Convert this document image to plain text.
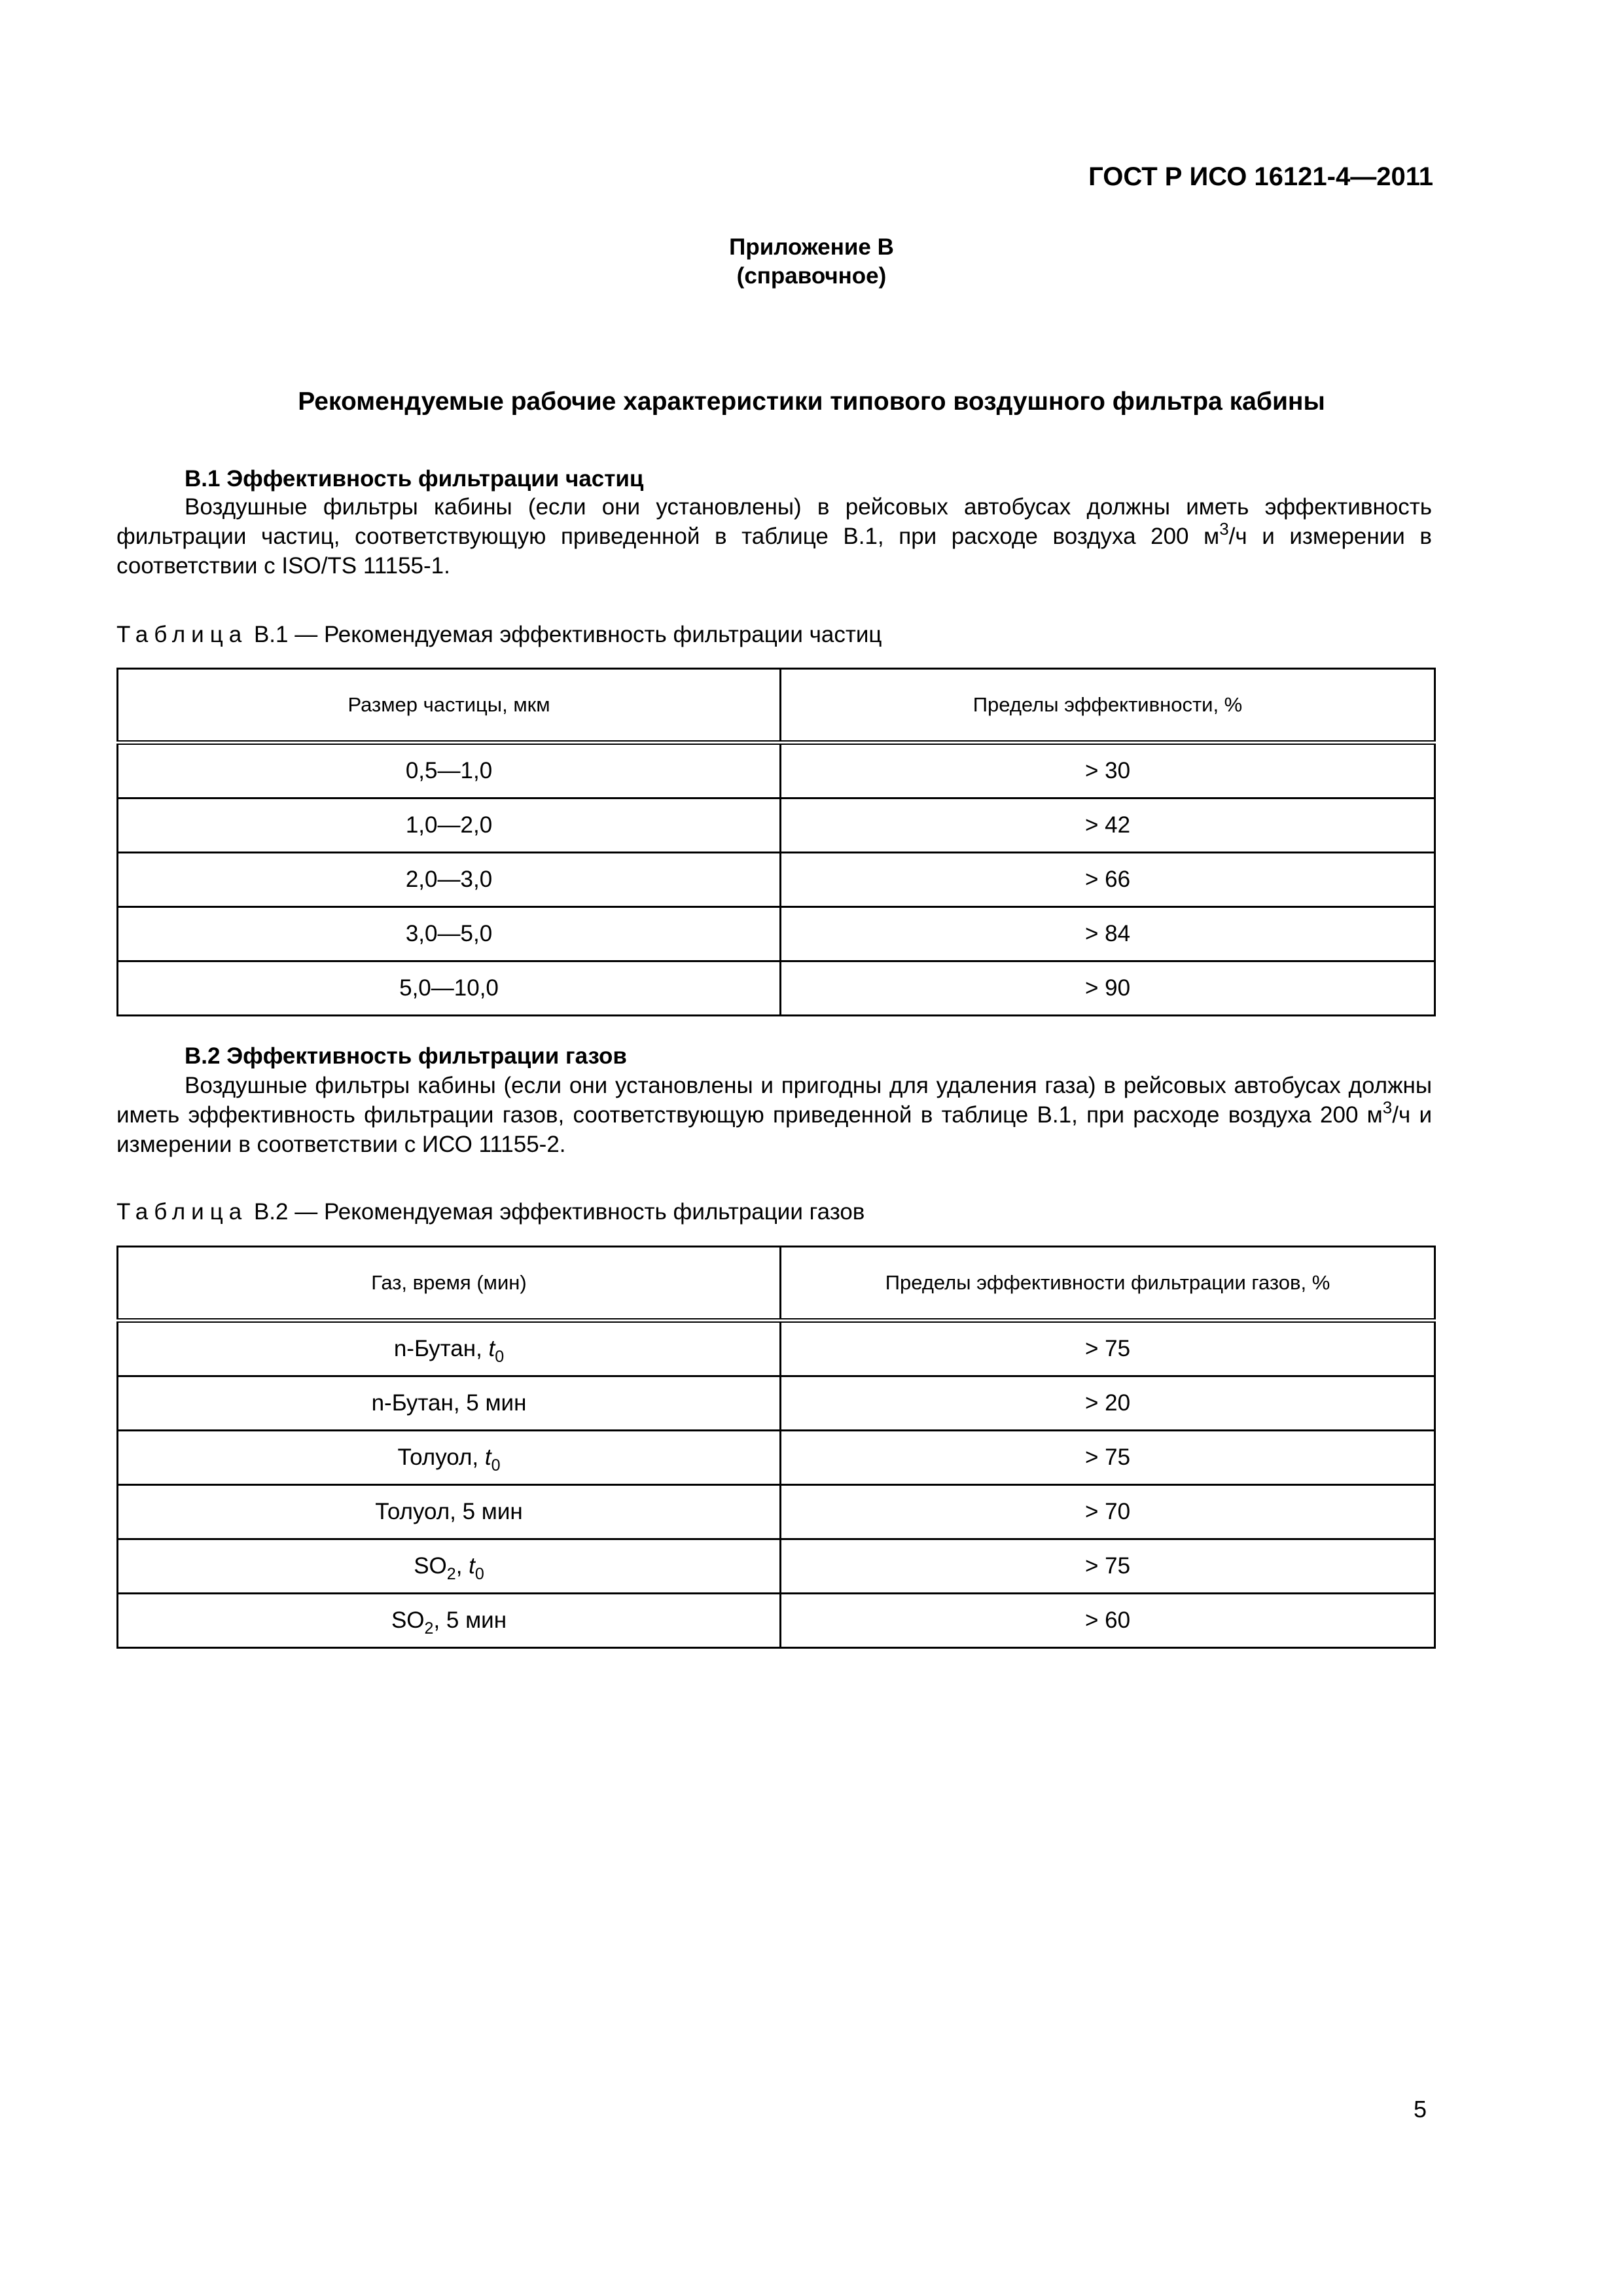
ГОСТ Р ИСО 16121-4—2011
Приложение В
(справочное)
Рекомендуемые рабочие характеристики типового воздушного фильтра кабины
В.1 Эффективность фильтрации частиц

Воздушные фильтры кабины (если они установлены) в рейсовых автобусах должны иметь эффективность фильтрации частиц, соответствующую приведенной в таблице В.1, при расходе воздуха 200 $м^3/ч$ и измерении в соответствии с ISO/TS 11155-1.

Таблица В.1 — Рекомендуемая эффективность фильтрации частиц
Размер частицы, мкм	Пределы эффективности, %
0,5—1,0	> 30
1,0—2,0	> 42
2,0—3,0	> 66
3,0—5,0	> 84
5,0—10,0	> 90
В.2 Эффективность фильтрации газов

Воздушные фильтры кабины (если они установлены и пригодны для удаления газа) в рейсовых автобусах должны иметь эффективность фильтрации газов, соответствующую приведенной в таблице В.1, при расходе воздуха 200 $м^3/ч$ и измерении в соответствии с ИСО 11155-2.

Таблица В.2 — Рекомендуемая эффективность фильтрации газов
Газ, время (мин)	Пределы эффективности фильтрации газов, %
n-Бутан, $t_0$	> 75
n-Бутан, 5 мин	> 20
Толуол, $t_0$	> 75
Толуол, 5 мин	> 70
$SO_2$, $t_0$	> 75
$SO_2$, 5 мин	> 60
5
